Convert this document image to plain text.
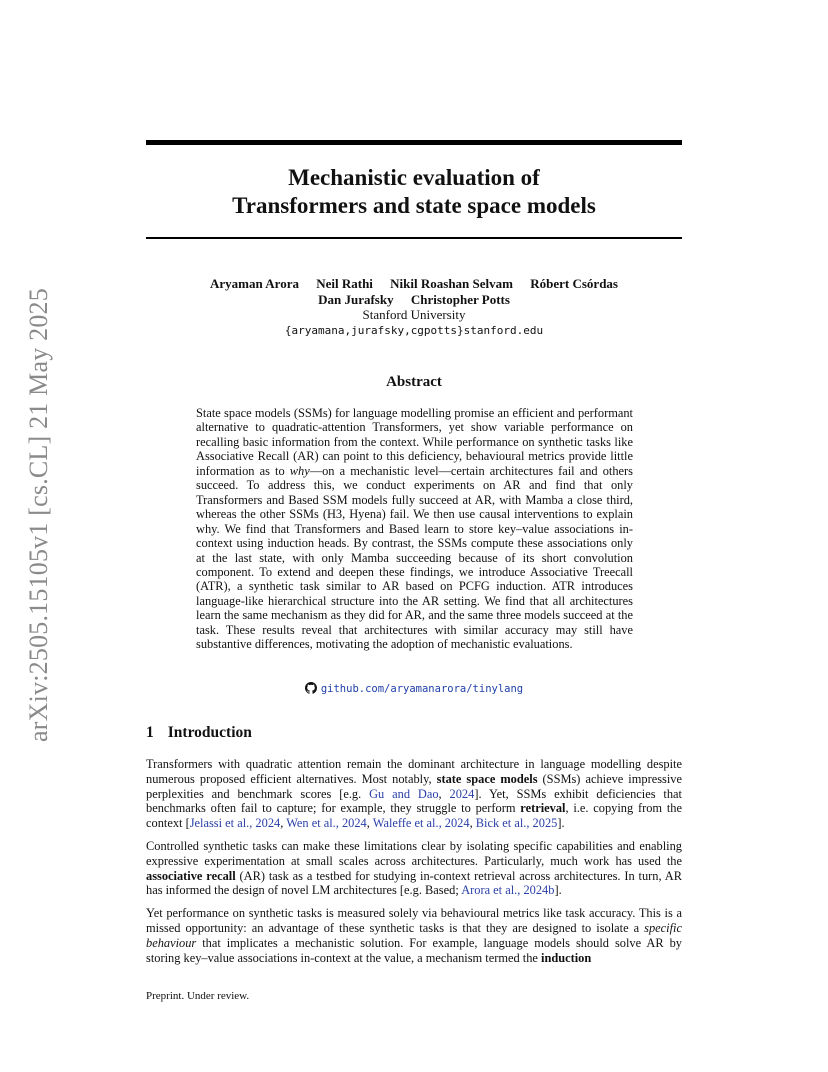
arXiv:2505.15105v1 [cs.CL] 21 May 2025
Mechanistic evaluation of
Transformers and state space models
Aryaman Arora Neil Rathi Nikil Roashan Selvam Róbert Csórdas
Dan Jurafsky Christopher Potts
Stanford University
{aryamana,jurafsky,cgpotts}stanford.edu
Abstract
State space models (SSMs) for language modelling promise an efficient and performant alternative to quadratic-attention Transformers, yet show variable performance on recalling basic information from the context. While performance on synthetic tasks like Associative Recall (AR) can point to this deficiency, behavioural metrics provide little information as to why—on a mechanistic level—certain architectures fail and others succeed. To address this, we conduct experiments on AR and find that only Transformers and Based SSM models fully succeed at AR, with Mamba a close third, whereas the other SSMs (H3, Hyena) fail. We then use causal interventions to explain why. We find that Transformers and Based learn to store key–value associations in-context using induction heads. By contrast, the SSMs compute these associations only at the last state, with only Mamba succeeding because of its short convolution component. To extend and deepen these findings, we introduce Associative Treecall (ATR), a synthetic task similar to AR based on PCFG induction. ATR introduces language-like hierarchical structure into the AR setting. We find that all architectures learn the same mechanism as they did for AR, and the same three models succeed at the task. These results reveal that architectures with similar accuracy may still have substantive differences, motivating the adoption of mechanistic evaluations.
github.com/aryamanarora/tinylang
1 Introduction

Transformers with quadratic attention remain the dominant architecture in language modelling despite numerous proposed efficient alternatives. Most notably, state space models (SSMs) achieve impressive perplexities and benchmark scores [e.g. Gu and Dao, 2024]. Yet, SSMs exhibit deficiencies that benchmarks often fail to capture; for example, they struggle to perform retrieval, i.e. copying from the context [Jelassi et al., 2024, Wen et al., 2024, Waleffe et al., 2024, Bick et al., 2025].

Controlled synthetic tasks can make these limitations clear by isolating specific capabilities and enabling expressive experimentation at small scales across architectures. Particularly, much work has used the associative recall (AR) task as a testbed for studying in-context retrieval across architectures. In turn, AR has informed the design of novel LM architectures [e.g. Based; Arora et al., 2024b].

Yet performance on synthetic tasks is measured solely via behavioural metrics like task accuracy. This is a missed opportunity: an advantage of these synthetic tasks is that they are designed to isolate a specific behaviour that implicates a mechanistic solution. For example, language models should solve AR by storing key–value associations in-context at the value, a mechanism termed the induction

Preprint. Under review.
